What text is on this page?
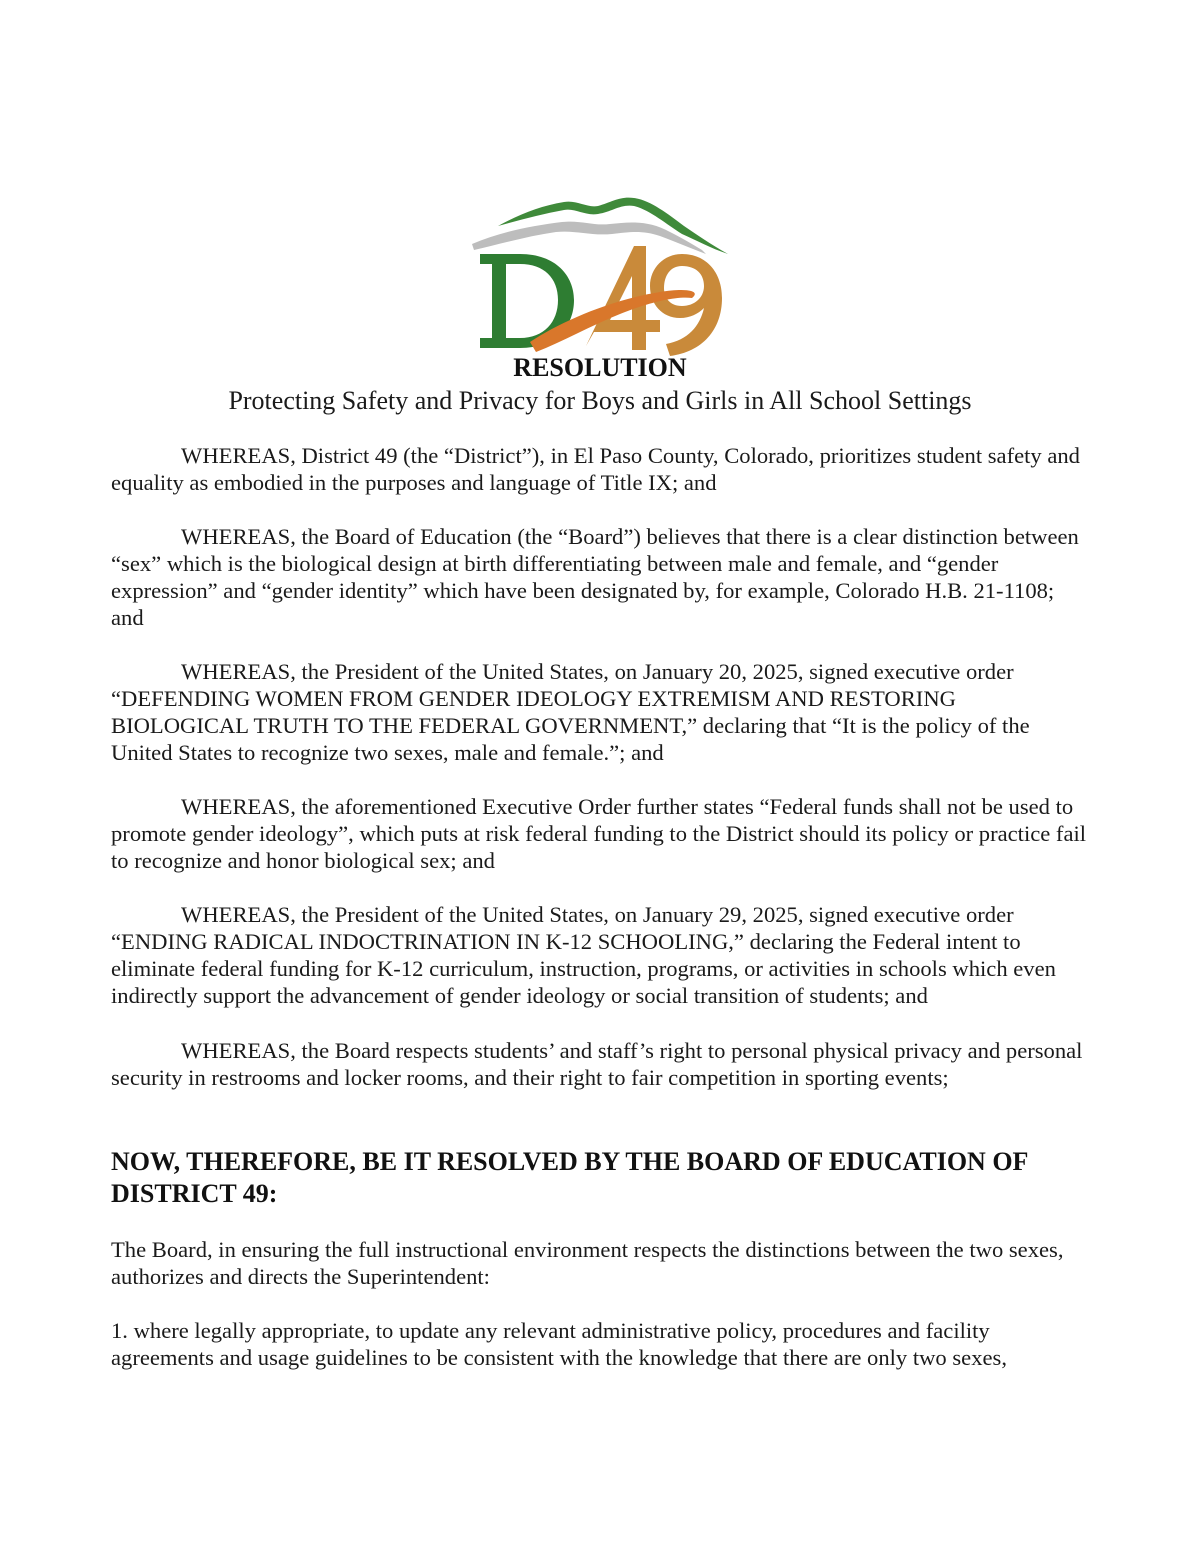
RESOLUTION
Protecting Safety and Privacy for Boys and Girls in All School Settings

WHEREAS, District 49 (the “District”), in El Paso County, Colorado, prioritizes student safety and equality as embodied in the purposes and language of Title IX; and

WHEREAS, the Board of Education (the “Board”) believes that there is a clear distinction between “sex” which is the biological design at birth differentiating between male and female, and “gender expression” and “gender identity” which have been designated by, for example, Colorado H.B. 21-1108; and

WHEREAS, the President of the United States, on January 20, 2025, signed executive order “DEFENDING WOMEN FROM GENDER IDEOLOGY EXTREMISM AND RESTORING BIOLOGICAL TRUTH TO THE FEDERAL GOVERNMENT,” declaring that “It is the policy of the United States to recognize two sexes, male and female.”; and

WHEREAS, the aforementioned Executive Order further states “Federal funds shall not be used to promote gender ideology”, which puts at risk federal funding to the District should its policy or practice fail to recognize and honor biological sex; and

WHEREAS, the President of the United States, on January 29, 2025, signed executive order “ENDING RADICAL INDOCTRINATION IN K-12 SCHOOLING,” declaring the Federal intent to eliminate federal funding for K-12 curriculum, instruction, programs, or activities in schools which even indirectly support the advancement of gender ideology or social transition of students; and

WHEREAS, the Board respects students’ and staff’s right to personal physical privacy and personal security in restrooms and locker rooms, and their right to fair competition in sporting events;

NOW, THEREFORE, BE IT RESOLVED BY THE BOARD OF EDUCATION OF DISTRICT 49:

The Board, in ensuring the full instructional environment respects the distinctions between the two sexes, authorizes and directs the Superintendent:

1. where legally appropriate, to update any relevant administrative policy, procedures and facility agreements and usage guidelines to be consistent with the knowledge that there are only two sexes,
